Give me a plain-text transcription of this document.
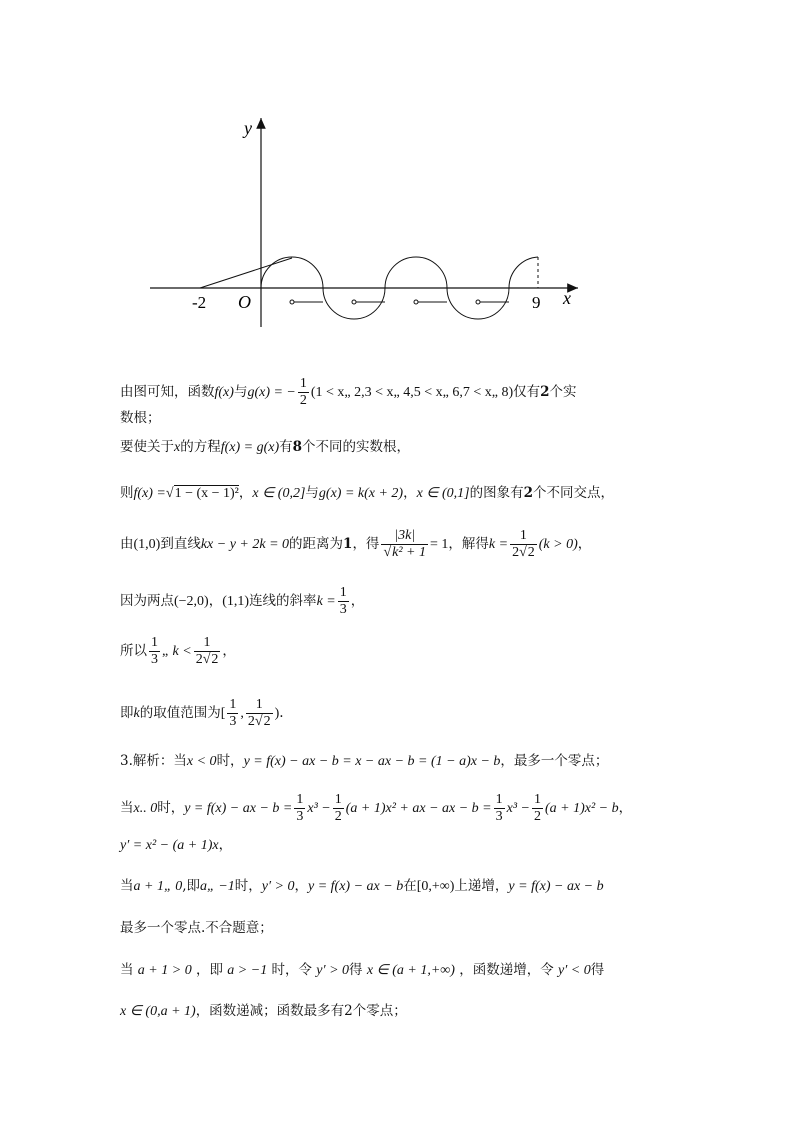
y
x
O
-2	9
由图可知，函数f(x)与g(x) = − $\frac{1}{2} (1$ < x„ 2,3 < x„ 4,5 < x„ 6,7 < x„ 8)仅有2个实
数根；
要使关于x的方程f(x) = g(x)有8个不同的实数根，
则f(x) =√1 − (x − 1)²，x ∈ (0,2]与g(x) = k(x + 2)，x ∈ (0,1]的图象有2个不同交点，
由(1,0)到直线kx − y + 2k = 0的距离为1，得 $\frac{|3k|}{\text{√k² + 1}} = 1$，解得$k = \frac{1}{2√2} (k > 0)$，
因为两点(−2,0)，(1,1)连线的斜率$k = \frac{1}{3}$ ，
所以 $\frac{1}{3}$ „ $k < \frac{1}{2√2}$ ，
即k的取值范围为[ $\frac{1}{3}$ , $\frac{1}{2√2}$ ).
3.解析：当x < 0时，y = f(x) − ax − b = x − ax − b = (1 − a)x − b，最多一个零点；
当x.. 0时，y = f(x) − ax − $b = \frac{1}{3} x^3 - \frac{1}{2} (a + 1)x^2$ + ax − ax − $b = \frac{1}{3} x^3 - \frac{1}{2} (a + 1)x^2 - b$，
y′ = x² − (a + 1)x，
当a + 1„ 0,即a„ −1时，y′ > 0，y = f(x) − ax − b在[0,+∞)上递增，y = f(x) − ax − b
最多一个零点.不合题意；
当 a + 1 > 0 ，即 a > −1 时，令 y′ > 0得 x ∈ (a + 1,+∞) ，函数递增，令 y′ < 0得
x ∈ (0,a + 1)，函数递减；函数最多有2个零点；
